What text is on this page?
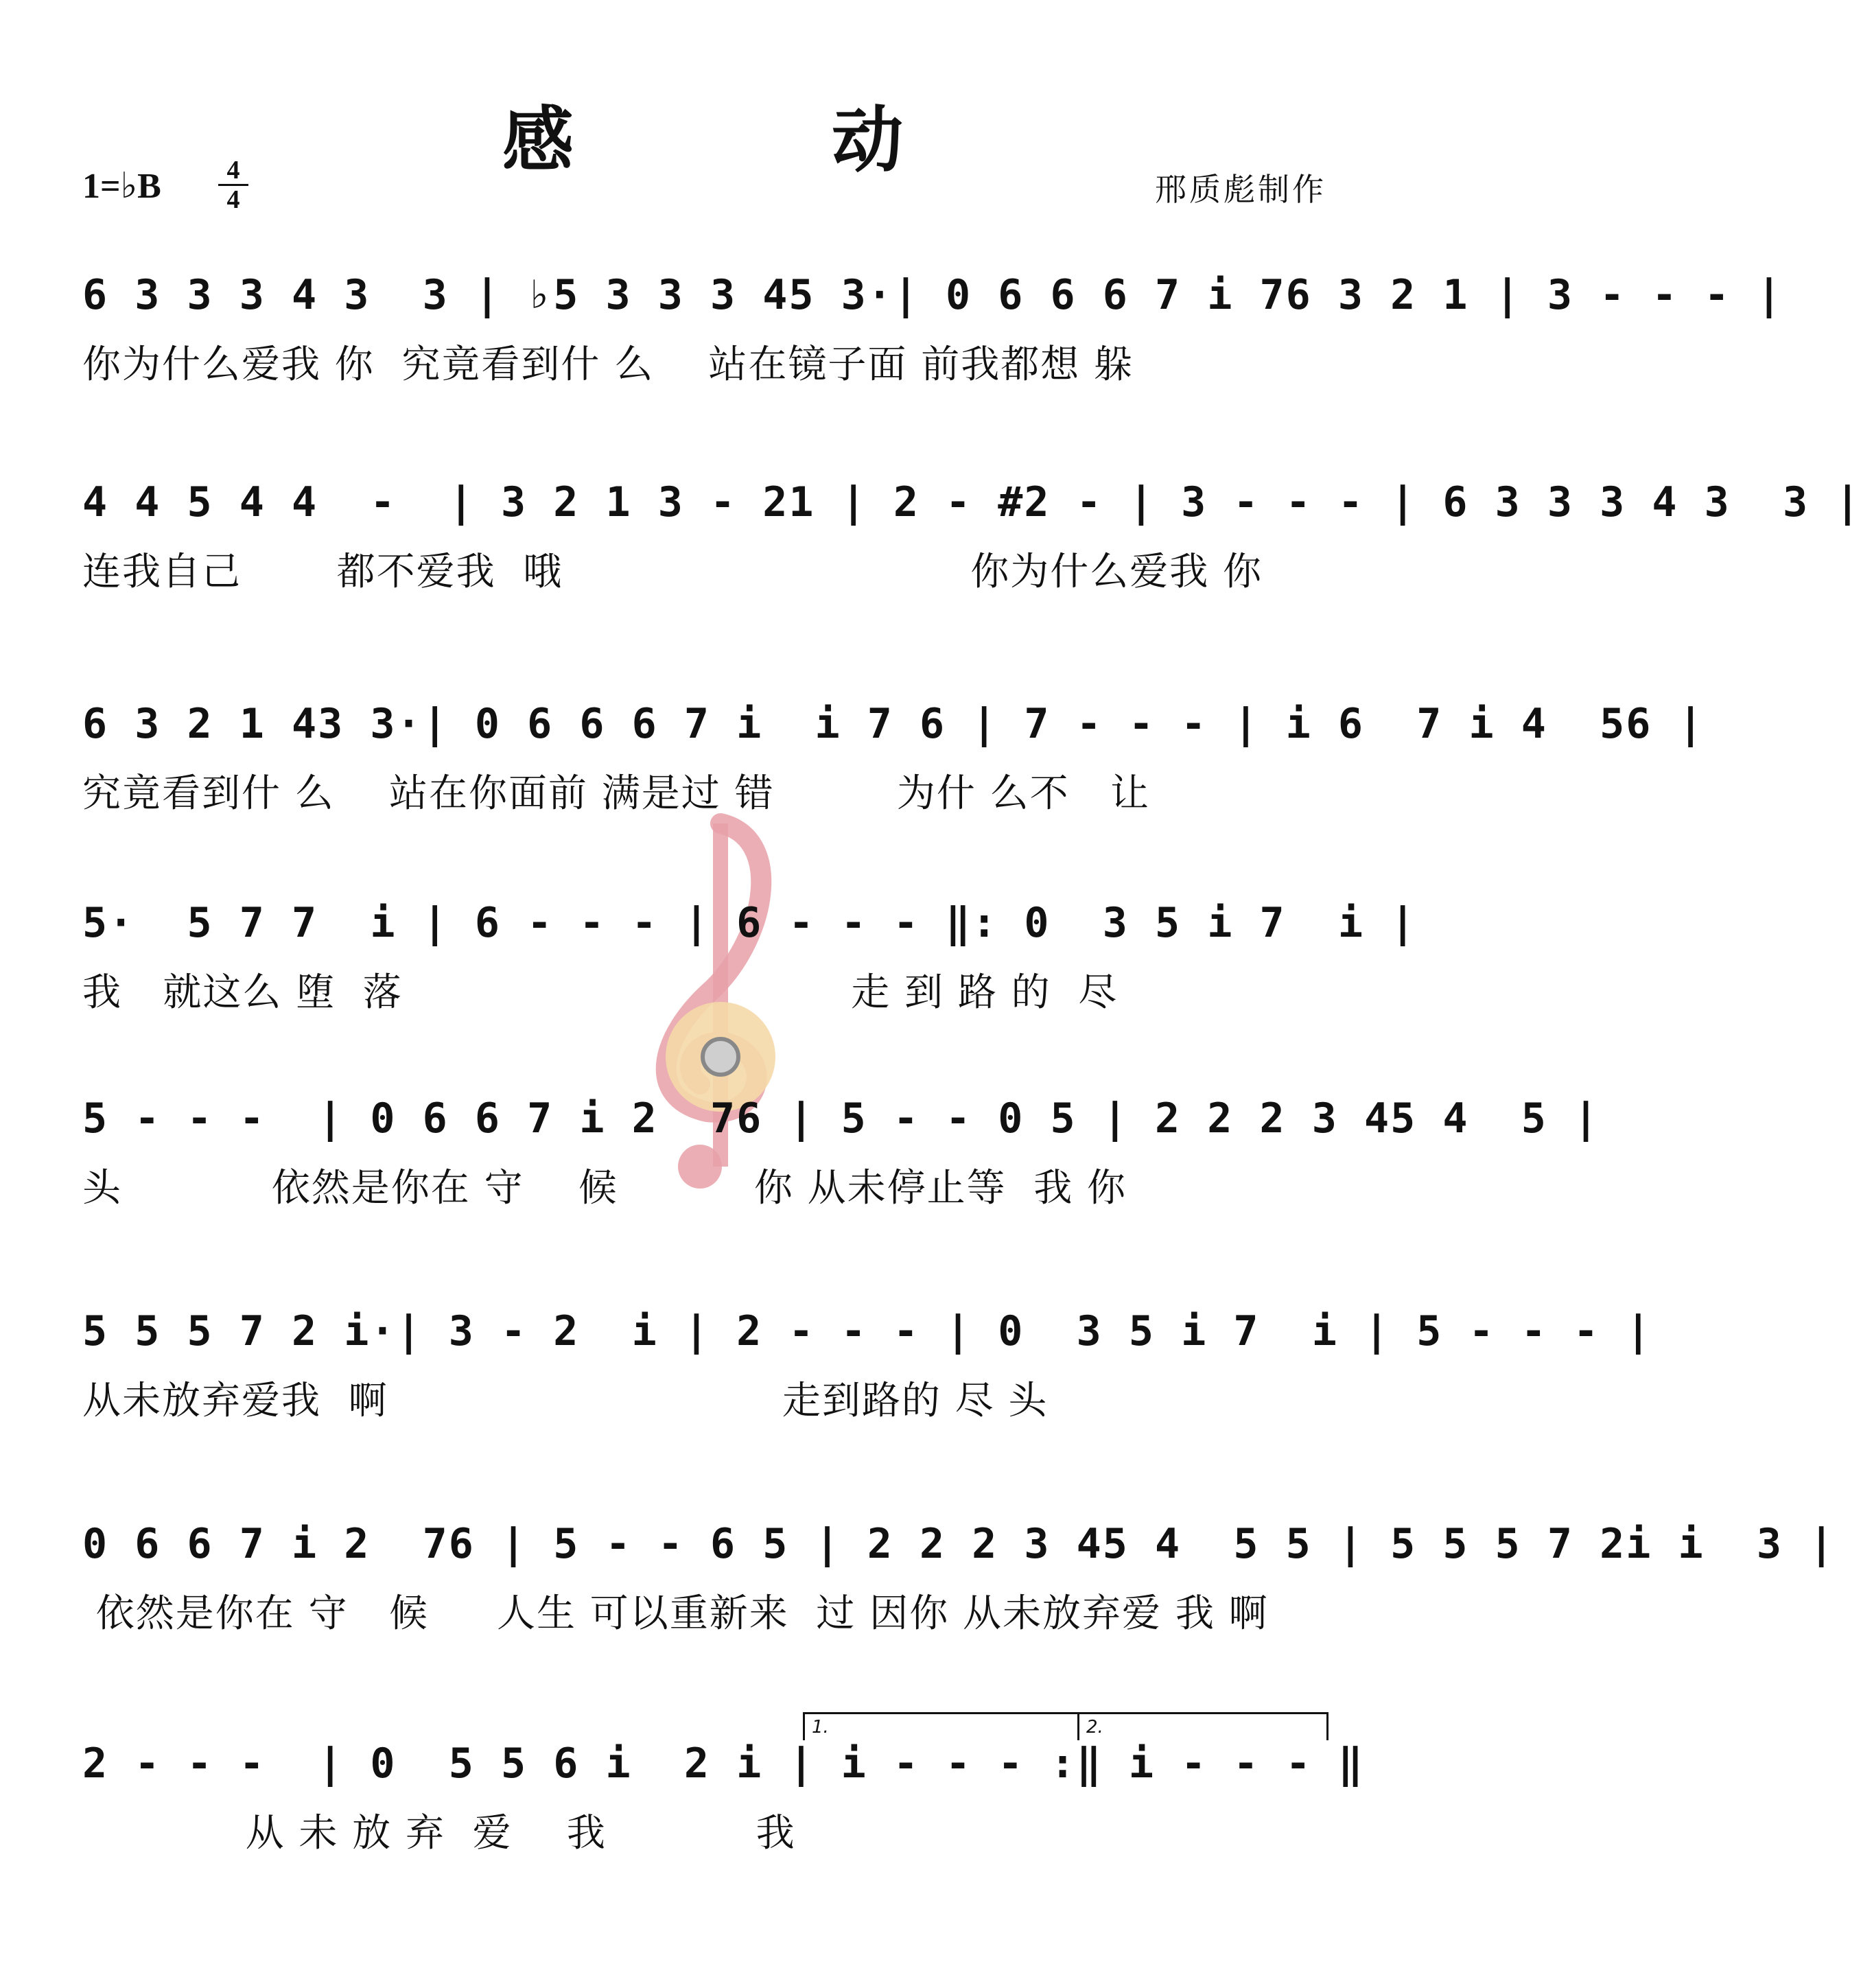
感 动
1=♭B $\frac{4}{4}$	邢质彪制作
6 3 3 3 4 3  3 | ♭5 3 3 3 45 3·| 0 6 6 6 7 i 76 3 2 1 | 3 - - - |
你为什么爱我 你  究竟看到什 么    站在镜子面 前我都想 躲
4 4 5 4 4  -  | 3 2 1 3 - 21 | 2 - #2 - | 3 - - - | 6 3 3 3 4 3  3 |
连我自己       都不爱我  哦                              你为什么爱我 你
6 3 2 1 43 3·| 0 6 6 6 7 i  i 7 6 | 7 - - - | i 6  7 i 4  56 |
究竟看到什 么    站在你面前 满是过 错         为什 么不   让
5·  5 7 7  i | 6 - - - | 6 - - - ‖: 0  3 5 i 7  i |
我   就这么 堕  落                                 走 到 路 的  尽
5 - - -  | 0 6 6 7 i 2  76 | 5 - - 0 5 | 2 2 2 3 45 4  5 |
头           依然是你在 守    候          你 从未停止等  我 你
5 5 5 7 2 i·| 3 - 2  i | 2 - - - | 0  3 5 i 7  i | 5 - - - |
从未放弃爱我  啊                             走到路的 尽 头
0 6 6 7 i 2  76 | 5 - - 6 5 | 2 2 2 3 45 4  5 5 | 5 5 5 7 2i i  3 |
依然是你在 守   候     人生 可以重新来  过 因你 从未放弃爱 我 啊
2 - - -  | 0  5 5 6 i  2 i | i - - - :‖ i - - - ‖
从 未 放 弃  爱    我           我
1.	2.
